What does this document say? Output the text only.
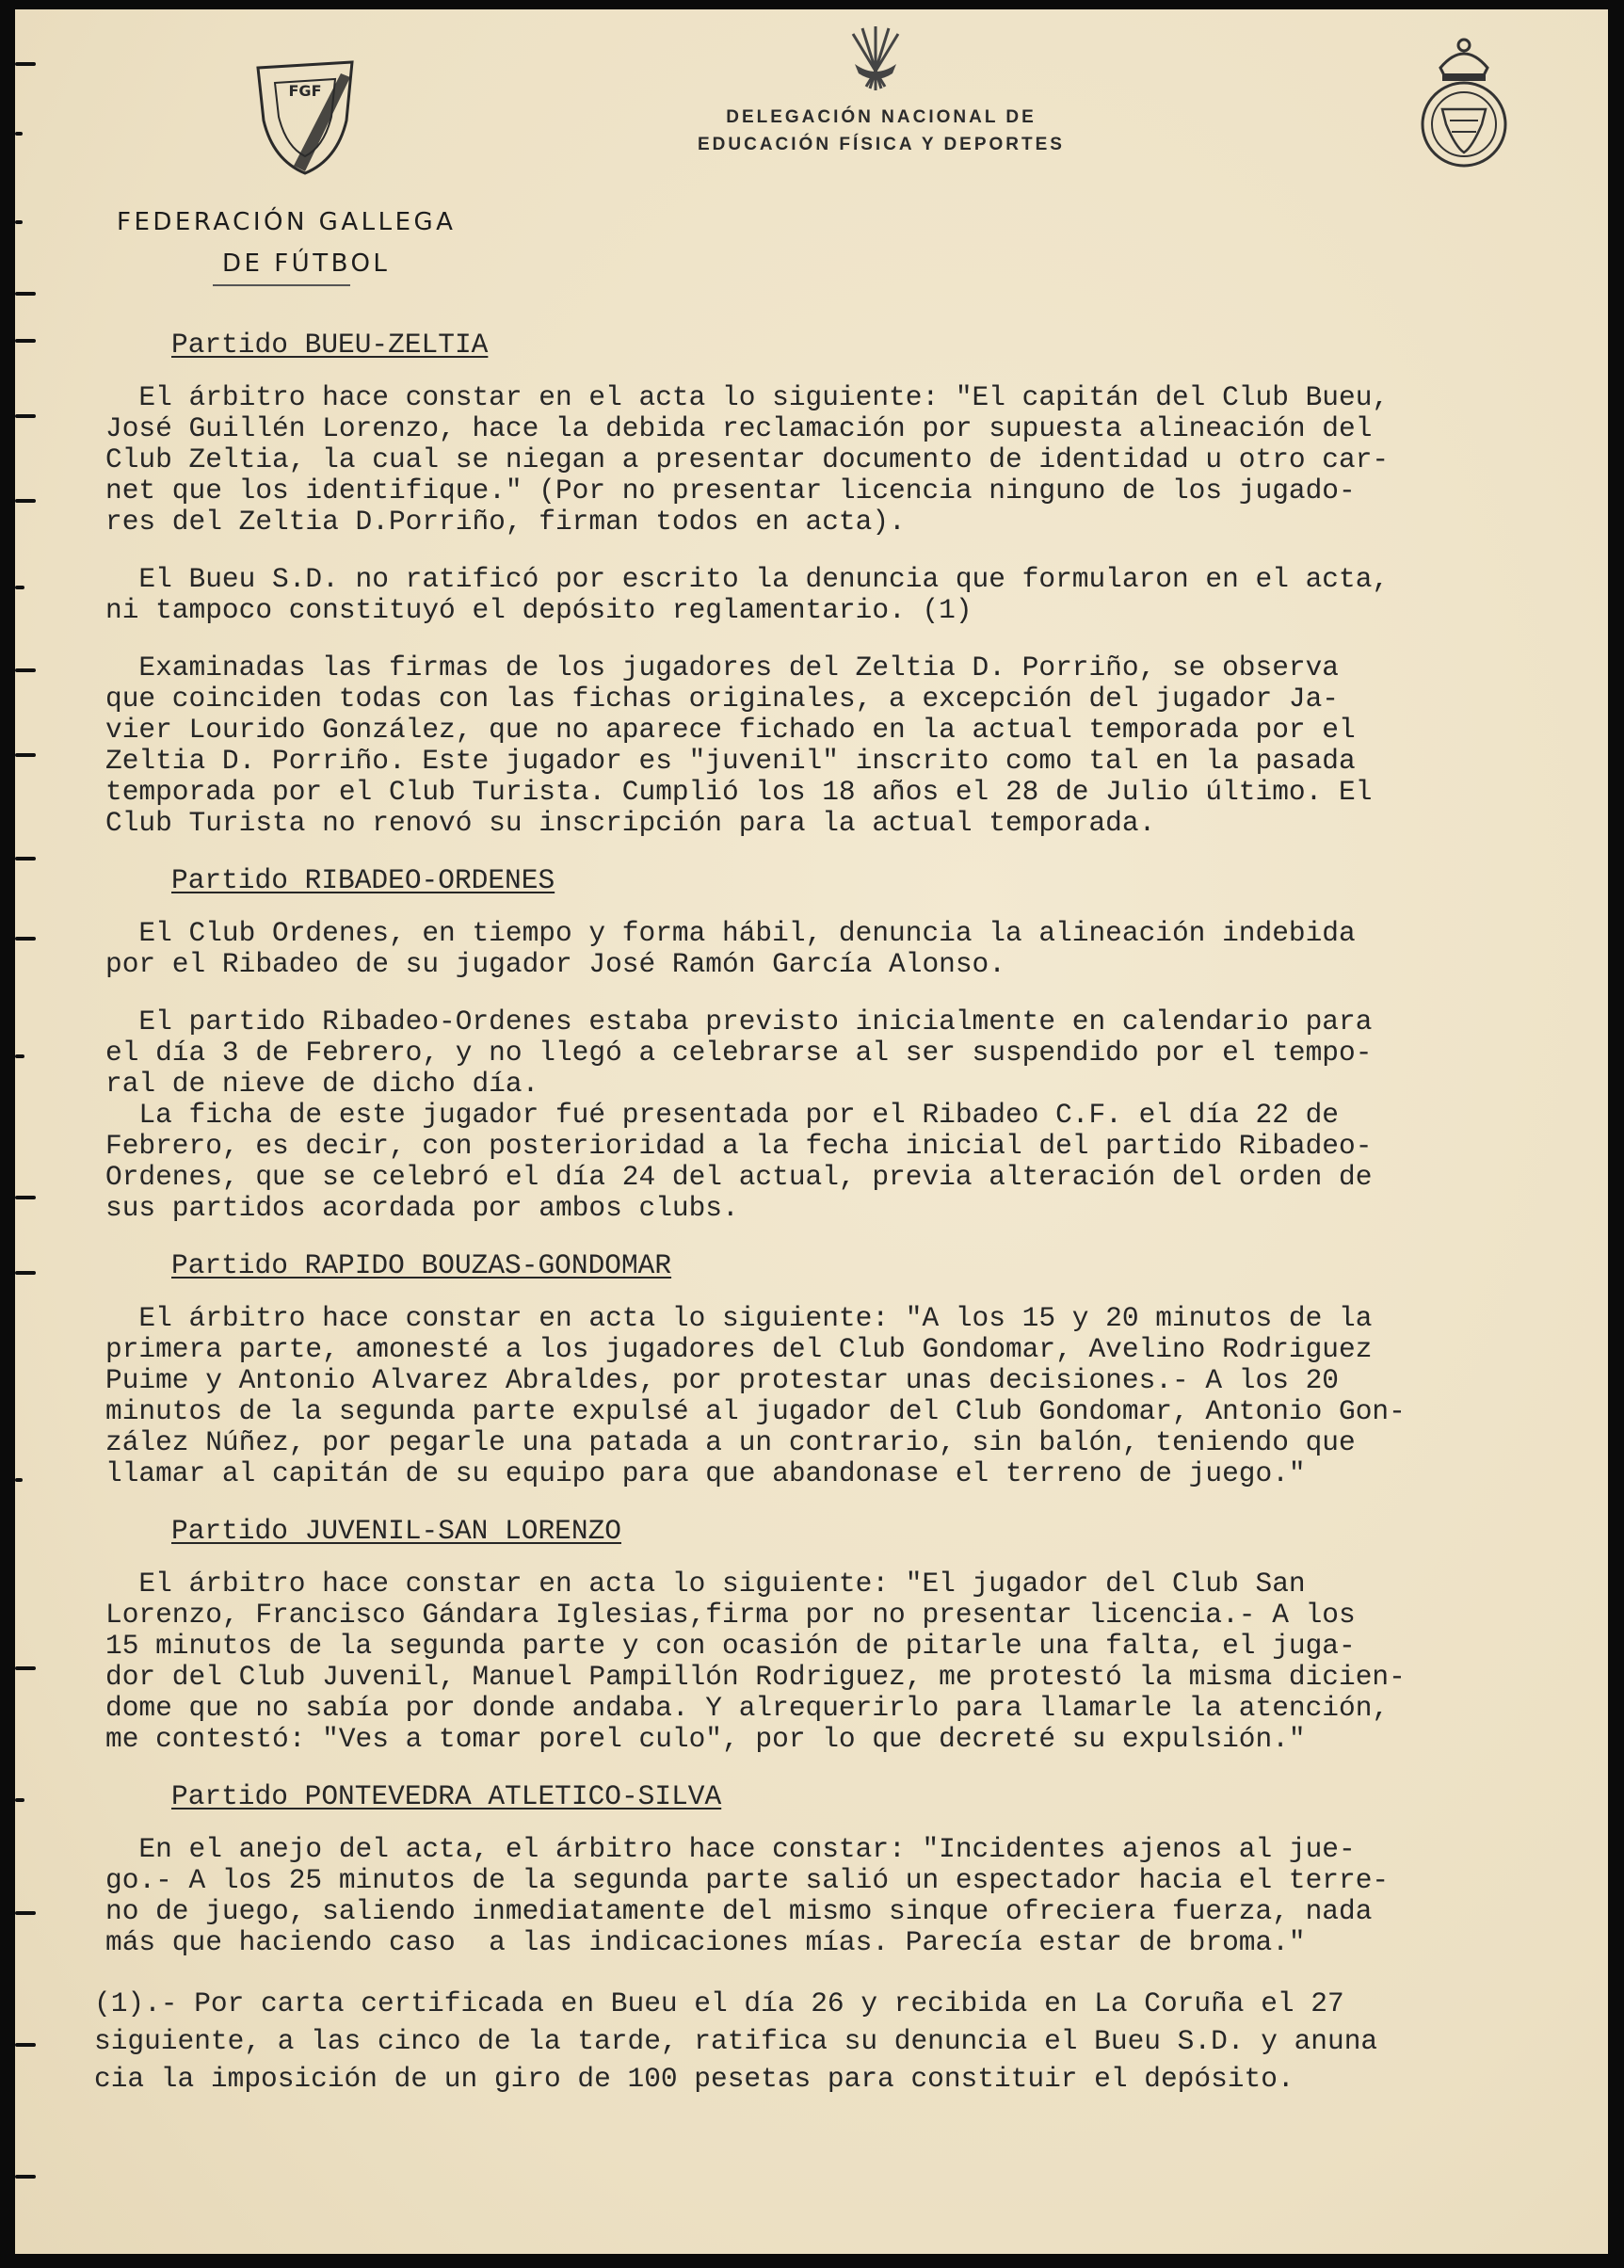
FGF
DELEGACIÓN NACIONAL DE
EDUCACIÓN FÍSICA Y DEPORTES
FEDERACIÓN GALLEGA
DE FÚTBOL
Partido BUEU-ZELTIA
El árbitro hace constar en el acta lo siguiente: "El capitán del Club Bueu,
José Guillén Lorenzo, hace la debida reclamación por supuesta alineación del
Club Zeltia, la cual se niegan a presentar documento de identidad u otro car-
net que los identifique." (Por no presentar licencia ninguno de los jugado-
res del Zeltia D.Porriño, firman todos en acta).
El Bueu S.D. no ratificó por escrito la denuncia que formularon en el acta,
ni tampoco constituyó el depósito reglamentario. (1)
Examinadas las firmas de los jugadores del Zeltia D. Porriño, se observa
que coinciden todas con las fichas originales, a excepción del jugador Ja-
vier Lourido González, que no aparece fichado en la actual temporada por el
Zeltia D. Porriño. Este jugador es "juvenil" inscrito como tal en la pasada
temporada por el Club Turista. Cumplió los 18 años el 28 de Julio último. El
Club Turista no renovó su inscripción para la actual temporada.
Partido RIBADEO-ORDENES
El Club Ordenes, en tiempo y forma hábil, denuncia la alineación indebida
por el Ribadeo de su jugador José Ramón García Alonso.
El partido Ribadeo-Ordenes estaba previsto inicialmente en calendario para
el día 3 de Febrero, y no llegó a celebrarse al ser suspendido por el tempo-
ral de nieve de dicho día.
La ficha de este jugador fué presentada por el Ribadeo C.F. el día 22 de
Febrero, es decir, con posterioridad a la fecha inicial del partido Ribadeo-
Ordenes, que se celebró el día 24 del actual, previa alteración del orden de
sus partidos acordada por ambos clubs.
Partido RAPIDO BOUZAS-GONDOMAR
El árbitro hace constar en acta lo siguiente: "A los 15 y 20 minutos de la
primera parte, amonesté a los jugadores del Club Gondomar, Avelino Rodriguez
Puime y Antonio Alvarez Abraldes, por protestar unas decisiones.- A los 20
minutos de la segunda parte expulsé al jugador del Club Gondomar, Antonio Gon-
zález Núñez, por pegarle una patada a un contrario, sin balón, teniendo que
llamar al capitán de su equipo para que abandonase el terreno de juego."
Partido JUVENIL-SAN LORENZO
El árbitro hace constar en acta lo siguiente: "El jugador del Club San
Lorenzo, Francisco Gándara Iglesias,firma por no presentar licencia.- A los
15 minutos de la segunda parte y con ocasión de pitarle una falta, el juga-
dor del Club Juvenil, Manuel Pampillón Rodriguez, me protestó la misma dicien-
dome que no sabía por donde andaba. Y alrequerirlo para llamarle la atención,
me contestó: "Ves a tomar porel culo", por lo que decreté su expulsión."
Partido PONTEVEDRA ATLETICO-SILVA
En el anejo del acta, el árbitro hace constar: "Incidentes ajenos al jue-
go.- A los 25 minutos de la segunda parte salió un espectador hacia el terre-
no de juego, saliendo inmediatamente del mismo sinque ofreciera fuerza, nada
más que haciendo caso  a las indicaciones mías. Parecía estar de broma."
(1).- Por carta certificada en Bueu el día 26 y recibida en La Coruña el 27
siguiente, a las cinco de la tarde, ratifica su denuncia el Bueu S.D. y anuna
cia la imposición de un giro de 100 pesetas para constituir el depósito.
